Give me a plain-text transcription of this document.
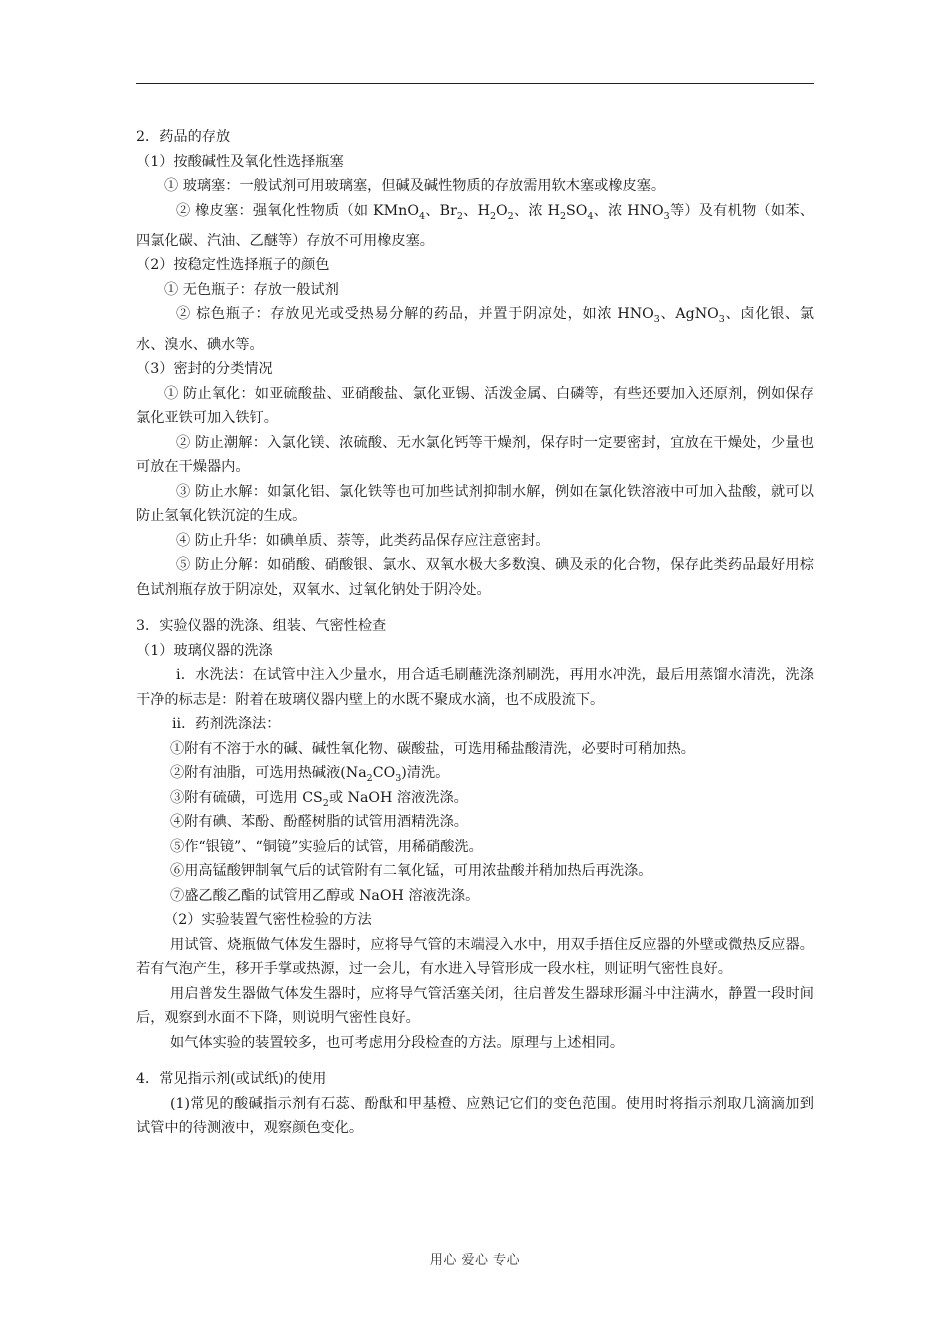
2．药品的存放
（1）按酸碱性及氧化性选择瓶塞
① 玻璃塞：一般试剂可用玻璃塞，但碱及碱性物质的存放需用软木塞或橡皮塞。
② 橡皮塞：强氧化性物质（如 KMnO$_4$、$Br_2$、$H_2O_2$、浓 $H_2SO_4$、浓 $HNO_3$等）及有机物（如苯、四氯化碳、汽油、乙醚等）存放不可用橡皮塞。
（2）按稳定性选择瓶子的颜色
① 无色瓶子：存放一般试剂
② 棕色瓶子：存放见光或受热易分解的药品，并置于阴凉处，如浓 $HNO_3$、AgNO$_3$、卤化银、氯水、溴水、碘水等。
（3）密封的分类情况
① 防止氧化：如亚硫酸盐、亚硝酸盐、氯化亚锡、活泼金属、白磷等，有些还要加入还原剂，例如保存氯化亚铁可加入铁钉。
② 防止潮解：入氯化镁、浓硫酸、无水氯化钙等干燥剂，保存时一定要密封，宜放在干燥处，少量也可放在干燥器内。
③ 防止水解：如氯化铝、氯化铁等也可加些试剂抑制水解，例如在氯化铁溶液中可加入盐酸，就可以防止氢氧化铁沉淀的生成。
④ 防止升华：如碘单质、萘等，此类药品保存应注意密封。
⑤ 防止分解：如硝酸、硝酸银、氯水、双氧水极大多数溴、碘及汞的化合物，保存此类药品最好用棕色试剂瓶存放于阴凉处，双氧水、过氧化钠处于阴冷处。
3．实验仪器的洗涤、组装、气密性检查
（1）玻璃仪器的洗涤
ⅰ．水洗法：在试管中注入少量水，用合适毛刷蘸洗涤剂刷洗，再用水冲洗，最后用蒸馏水清洗，洗涤干净的标志是：附着在玻璃仪器内壁上的水既不聚成水滴，也不成股流下。
ⅱ．药剂洗涤法：
①附有不溶于水的碱、碱性氧化物、碳酸盐，可选用稀盐酸清洗，必要时可稍加热。
②附有油脂，可选用热碱液$(Na_2CO_3)$清洗。
③附有硫磺，可选用 $CS_2$或 NaOH 溶液洗涤。
④附有碘、苯酚、酚醛树脂的试管用酒精洗涤。
⑤作“银镜”、“铜镜”实验后的试管，用稀硝酸洗。
⑥用高锰酸钾制氧气后的试管附有二氧化锰，可用浓盐酸并稍加热后再洗涤。
⑦盛乙酸乙酯的试管用乙醇或 NaOH 溶液洗涤。
（2）实验装置气密性检验的方法
用试管、烧瓶做气体发生器时，应将导气管的末端浸入水中，用双手捂住反应器的外壁或微热反应器。若有气泡产生，移开手掌或热源，过一会儿，有水进入导管形成一段水柱，则证明气密性良好。
用启普发生器做气体发生器时，应将导气管活塞关闭，往启普发生器球形漏斗中注满水，静置一段时间后，观察到水面不下降，则说明气密性良好。
如气体实验的装置较多，也可考虑用分段检查的方法。原理与上述相同。
4．常见指示剂(或试纸)的使用
(1)常见的酸碱指示剂有石蕊、酚酞和甲基橙、应熟记它们的变色范围。使用时将指示剂取几滴滴加到试管中的待测液中，观察颜色变化。
用心 爱心 专心
